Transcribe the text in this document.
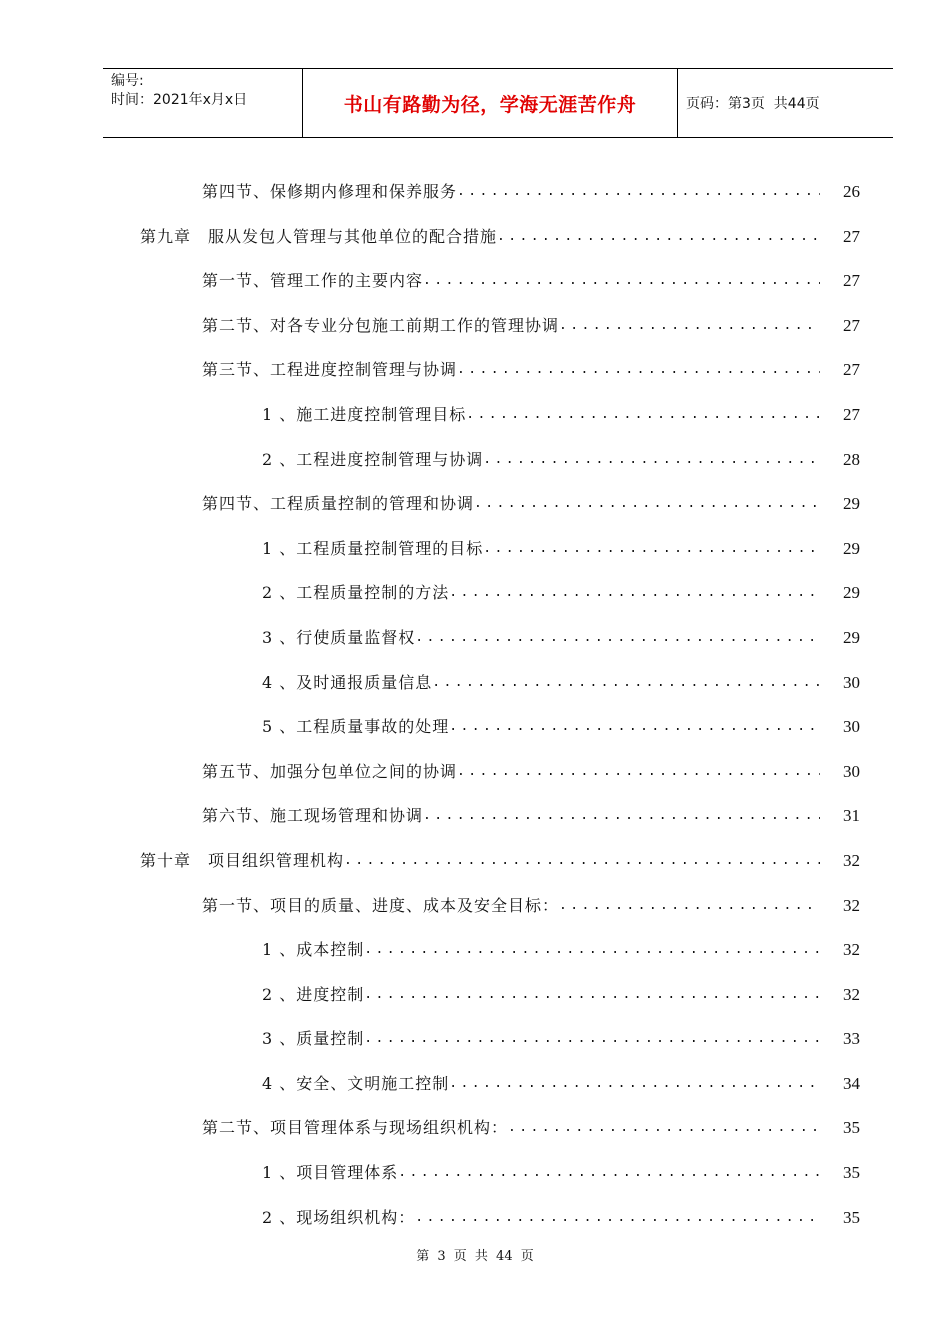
编号:
时间：2021年x月x日	书山有路勤为径，学海无涯苦作舟	页码：第3页  共44页
第四节、保修期内修理和保养服务 .....	26
第九章　服从发包人管理与其他单位的配合措施 .....	27
第一节、管理工作的主要内容 .....	27
第二节、对各专业分包施工前期工作的管理协调 .....	27
第三节、工程进度控制管理与协调 .....	27
1 、施工进度控制管理目标 .....	27
2 、工程进度控制管理与协调 .....	28
第四节、工程质量控制的管理和协调 .....	29
1 、工程质量控制管理的目标 .....	29
2 、工程质量控制的方法 .....	29
3 、行使质量监督权 .....	29
4 、及时通报质量信息 .....	30
5 、工程质量事故的处理 .....	30
第五节、加强分包单位之间的协调 .....	30
第六节、施工现场管理和协调 .....	31
第十章　项目组织管理机构 .....	32
第一节、项目的质量、进度、成本及安全目标： .....	32
1 、成本控制 .....	32
2 、进度控制 .....	32
3 、质量控制 .....	33
4 、安全、文明施工控制 .....	34
第二节、项目管理体系与现场组织机构： .....	35
1 、项目管理体系 .....	35
2 、现场组织机构： .....	35
第 3 页 共 44 页
